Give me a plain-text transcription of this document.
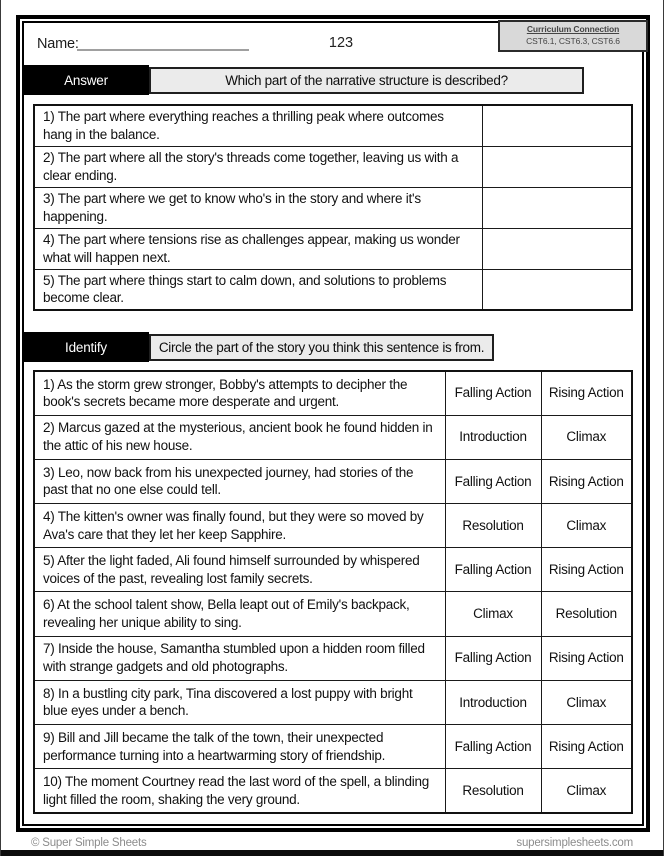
Name:	123
Curriculum Connection
CST6.1, CST6.3, CST6.6
Answer	Which part of the narrative structure is described?
1) The part where everything reaches a thrilling peak where outcomes hang in the balance.	
2) The part where all the story's threads come together, leaving us with a clear ending.	
3) The part where we get to know who's in the story and where it's happening.	
4) The part where tensions rise as challenges appear, making us wonder what will happen next.	
5) The part where things start to calm down, and solutions to problems become clear.	
Identify	Circle the part of the story you think this sentence is from.
1) As the storm grew stronger, Bobby's attempts to decipher the book's secrets became more desperate and urgent.	Falling Action	Rising Action
2) Marcus gazed at the mysterious, ancient book he found hidden in the attic of his new house.	Introduction	Climax
3) Leo, now back from his unexpected journey, had stories of the past that no one else could tell.	Falling Action	Rising Action
4) The kitten's owner was finally found, but they were so moved by Ava's care that they let her keep Sapphire.	Resolution	Climax
5) After the light faded, Ali found himself surrounded by whispered voices of the past, revealing lost family secrets.	Falling Action	Rising Action
6) At the school talent show, Bella leapt out of Emily's backpack, revealing her unique ability to sing.	Climax	Resolution
7) Inside the house, Samantha stumbled upon a hidden room filled with strange gadgets and old photographs.	Falling Action	Rising Action
8) In a bustling city park, Tina discovered a lost puppy with bright blue eyes under a bench.	Introduction	Climax
9) Bill and Jill became the talk of the town, their unexpected performance turning into a heartwarming story of friendship.	Falling Action	Rising Action
10) The moment Courtney read the last word of the spell, a blinding light filled the room, shaking the very ground.	Resolution	Climax
© Super Simple Sheets	supersimplesheets.com
